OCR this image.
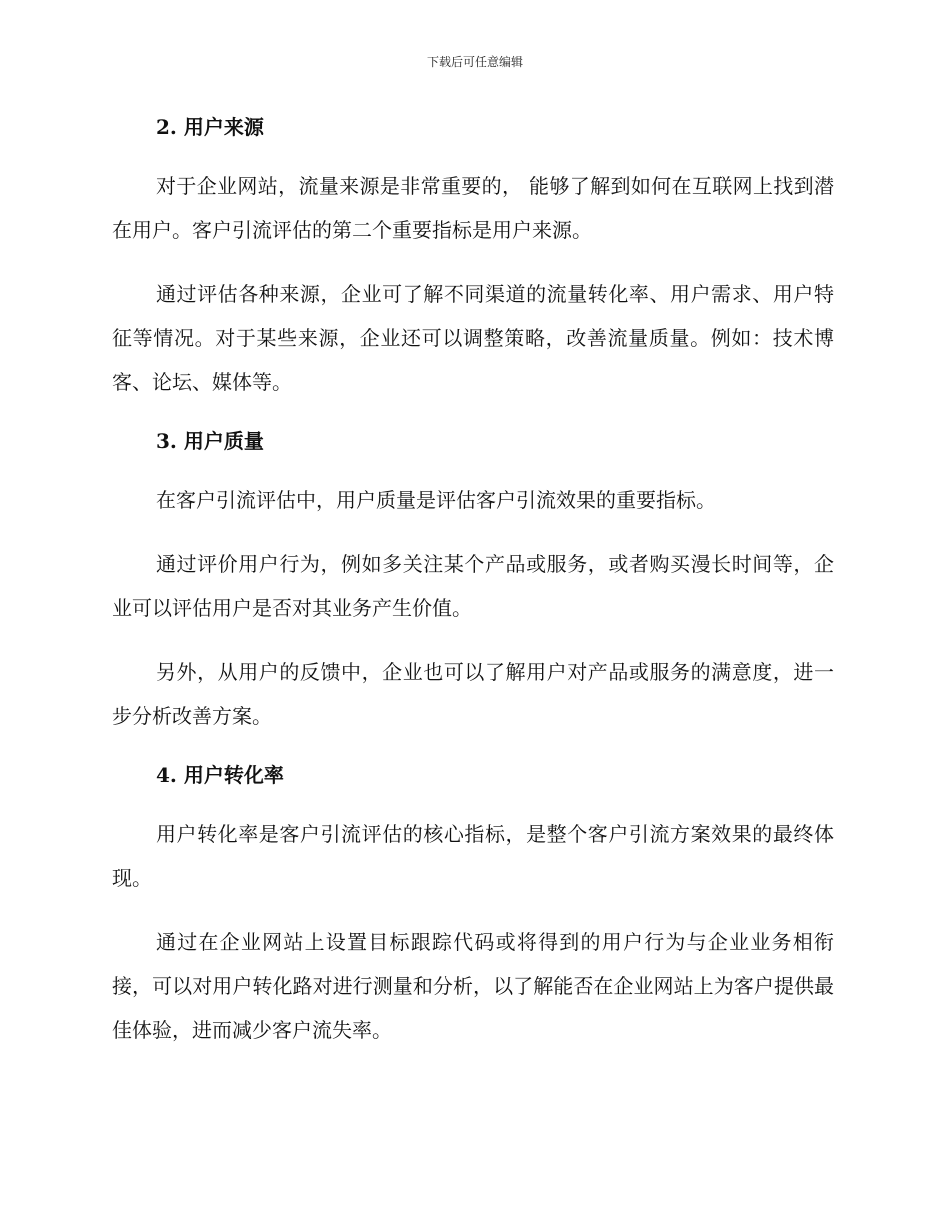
下载后可任意编辑
2. 用户来源

对于企业网站，流量来源是非常重要的， 能够了解到如何在互联网上找到潜在用户。客户引流评估的第二个重要指标是用户来源。

通过评估各种来源，企业可了解不同渠道的流量转化率、用户需求、用户特征等情况。对于某些来源，企业还可以调整策略，改善流量质量。例如：技术博客、论坛、媒体等。

3. 用户质量

在客户引流评估中，用户质量是评估客户引流效果的重要指标。

通过评价用户行为，例如多关注某个产品或服务，或者购买漫长时间等，企业可以评估用户是否对其业务产生价值。

另外，从用户的反馈中，企业也可以了解用户对产品或服务的满意度，进一步分析改善方案。

4. 用户转化率

用户转化率是客户引流评估的核心指标，是整个客户引流方案效果的最终体现。

通过在企业网站上设置目标跟踪代码或将得到的用户行为与企业业务相衔接，可以对用户转化路对进行测量和分析，以了解能否在企业网站上为客户提供最佳体验，进而减少客户流失率。
